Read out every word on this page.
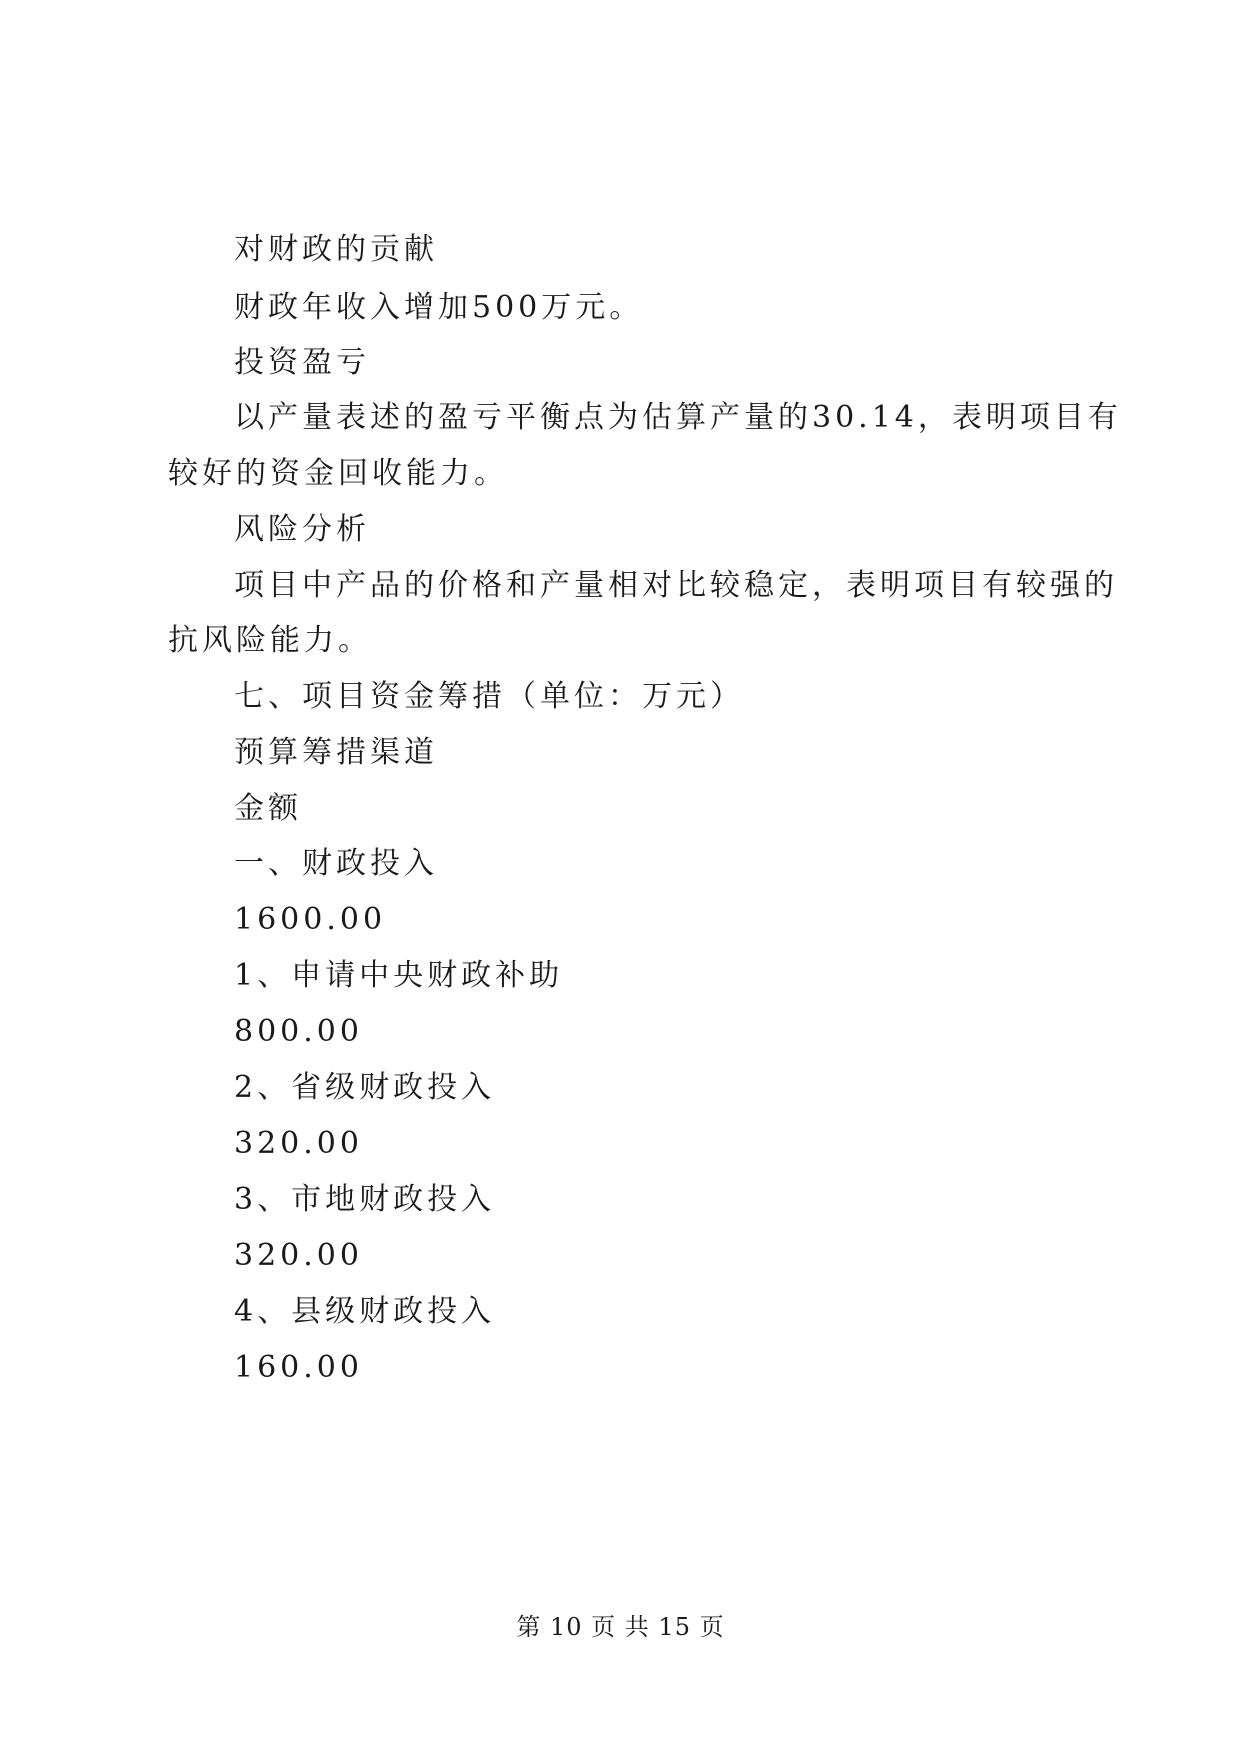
对财政的贡献
财政年收入增加500万元。
投资盈亏
以产量表述的盈亏平衡点为估算产量的30.14，表明项目有
较好的资金回收能力。
风险分析
项目中产品的价格和产量相对比较稳定，表明项目有较强的
抗风险能力。
七、项目资金筹措（单位：万元）
预算筹措渠道
金额
一、财政投入
1600.00
1、申请中央财政补助
800.00
2、省级财政投入
320.00
3、市地财政投入
320.00
4、县级财政投入
160.00
第 10 页 共 15 页
